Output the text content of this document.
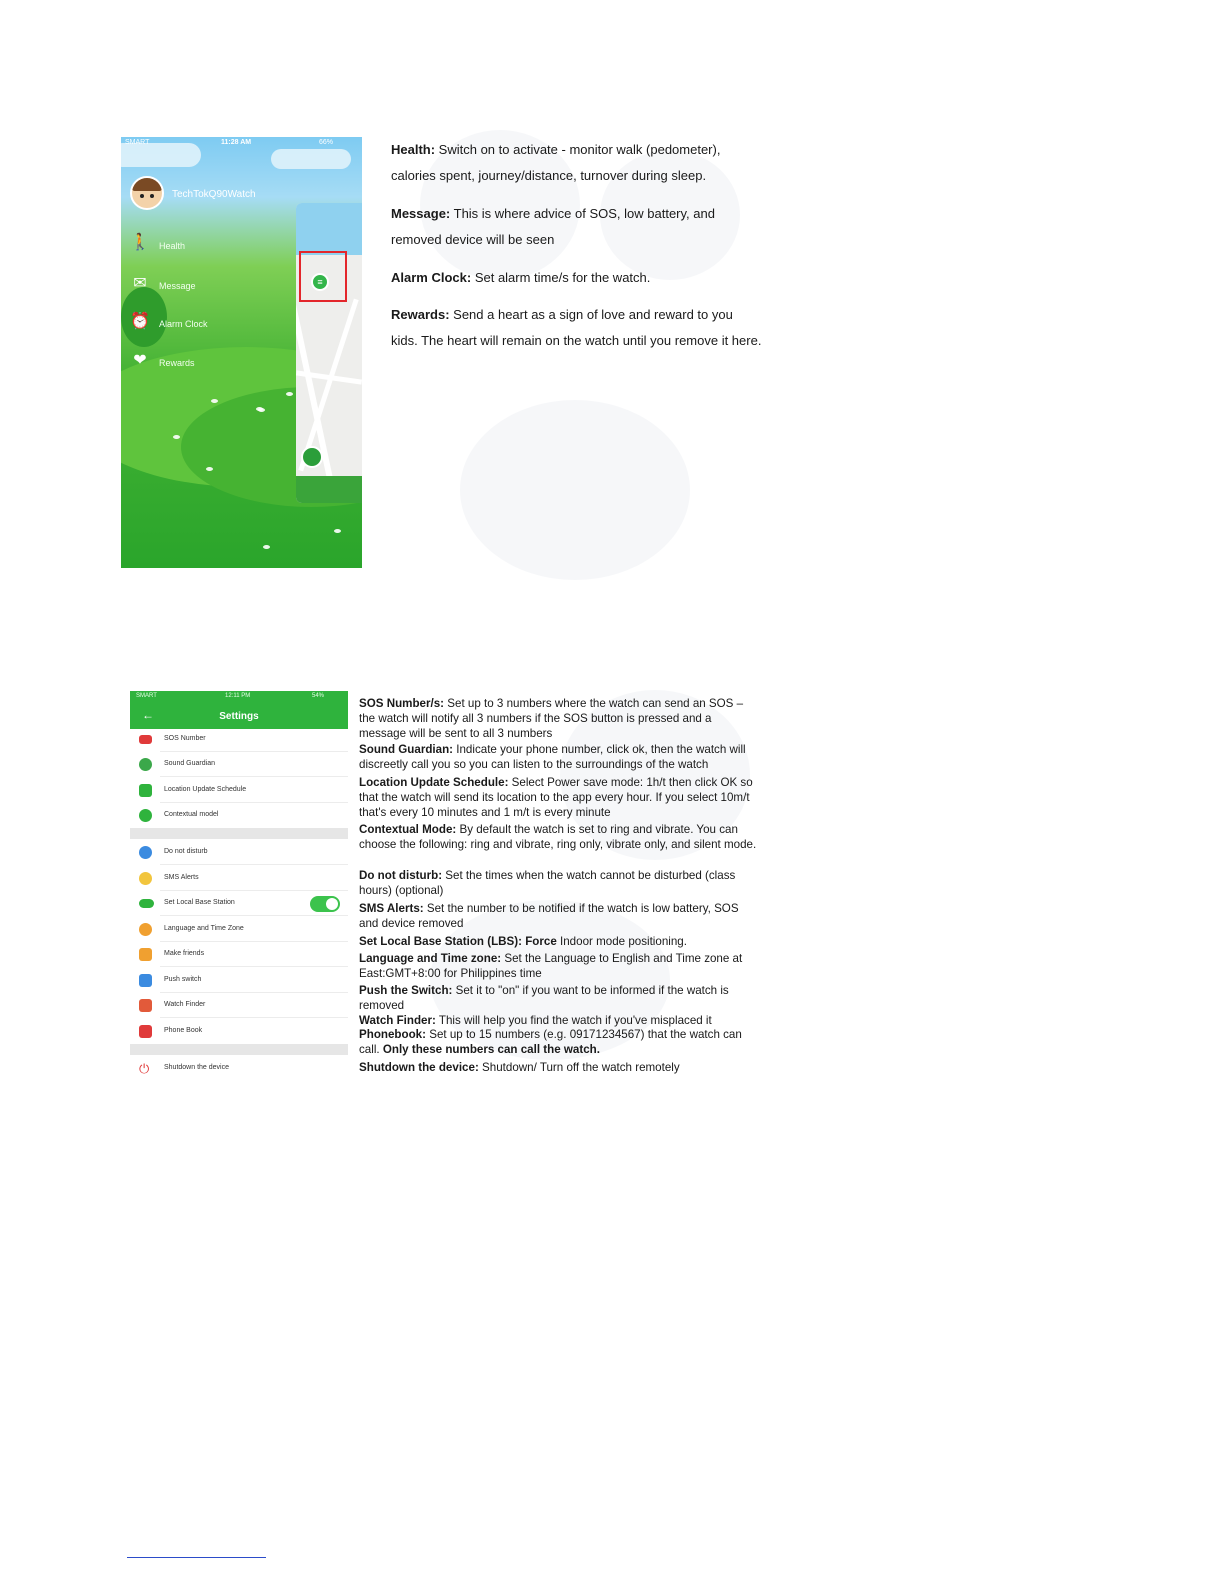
SMART	11:28 AM	66%
TechTokQ90Watch
🚶 Health
✉	Message
⏰ Alarm Clock
❤	Rewards
≡

Health: Switch on to activate - monitor walk (pedometer), calories spent, journey/distance, turnover during sleep.

Message: This is where advice of SOS, low battery, and removed device will be seen

Alarm Clock: Set alarm time/s for the watch.

Rewards: Send a heart as a sign of love and reward to you kids. The heart will remain on the watch until you remove it here.

SMART	12:11 PM	54%
←	Settings
SOS Number
Sound Guardian
Location Update Schedule
Contextual model
Do not disturb
SMS Alerts
Set Local Base Station
Language and Time Zone
Make friends
Push switch
Watch Finder
Phone Book
⏻	Shutdown the device

SOS Number/s: Set up to 3 numbers where the watch can send an SOS – the watch will notify all 3 numbers if the SOS button is pressed and a message will be sent to all 3 numbers

Sound Guardian: Indicate your phone number, click ok, then the watch will discreetly call you so you can listen to the surroundings of the watch

Location Update Schedule: Select Power save mode: 1h/t then click OK so that the watch will send its location to the app every hour. If you select 10m/t that's every 10 minutes and 1 m/t is every minute

Contextual Mode: By default the watch is set to ring and vibrate. You can choose the following: ring and vibrate, ring only, vibrate only, and silent mode.

Do not disturb: Set the times when the watch cannot be disturbed (class hours) (optional)

SMS Alerts: Set the number to be notified if the watch is low battery, SOS and device removed

Set Local Base Station (LBS): Force Indoor mode positioning.

Language and Time zone: Set the Language to English and Time zone at East:GMT+8:00 for Philippines time

Push the Switch: Set it to "on" if you want to be informed if the watch is removed

Watch Finder: This will help you find the watch if you've misplaced it

Phonebook: Set up to 15 numbers (e.g. 09171234567) that the watch can call. Only these numbers can call the watch.

Shutdown the device: Shutdown/ Turn off the watch remotely
